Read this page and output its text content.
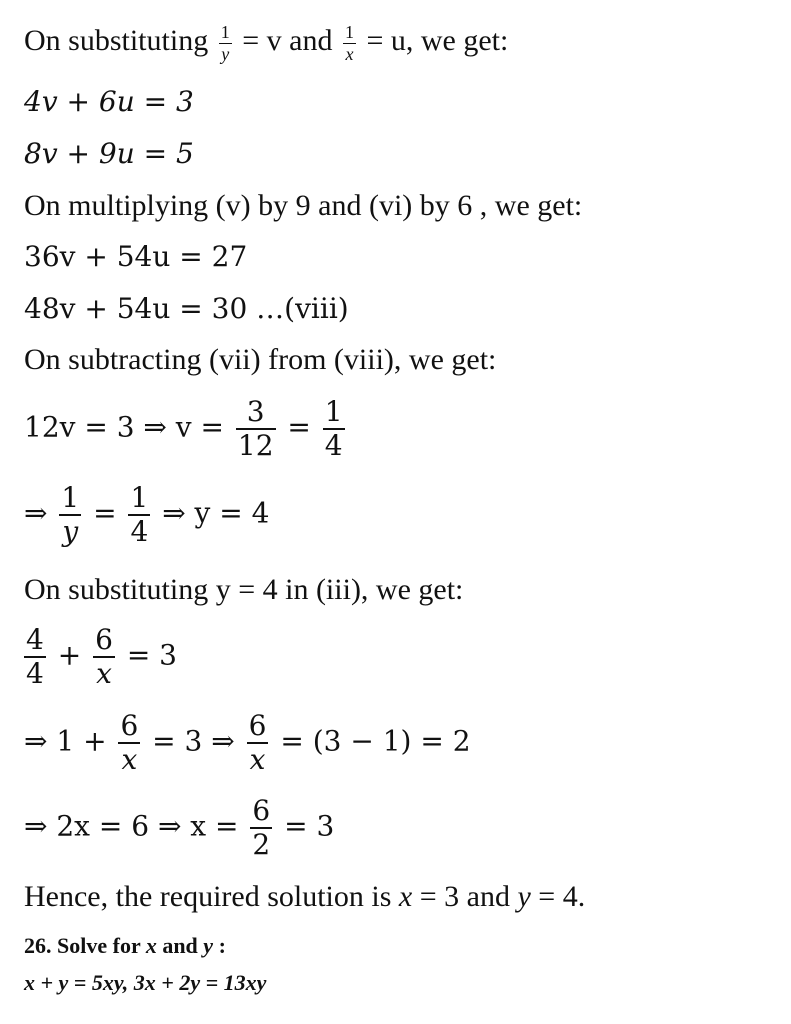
On substituting $\frac{1}{y} = v$ and $\frac{1}{x} = u$, we get:
4v + 6u = 3
8v + 9u = 5
On multiplying (v) by 9 and (vi) by 6 , we get:
36v + 54u = 27
48v + 54u = 30 …(viii)
On subtracting (vii) from (viii), we get:
12v = 3 ⇒ $v = \frac{3}{12} = \frac{1}{4}$
⇒ $\frac{1}{y} = \frac{1}{4}$ ⇒ y = 4
On substituting y = 4 in (iii), we get:
$\frac{4}{4} + \frac{6}{x} = 3$
⇒ $1 + \frac{6}{x} = 3$ ⇒ $\frac{6}{x} = (3 - 1) = 2$
⇒ 2x = 6 ⇒ $x = \frac{6}{2} = 3$
Hence, the required solution is x = 3 and y = 4.
26. Solve for x and y :
x + y = 5xy, 3x + 2y = 13xy
